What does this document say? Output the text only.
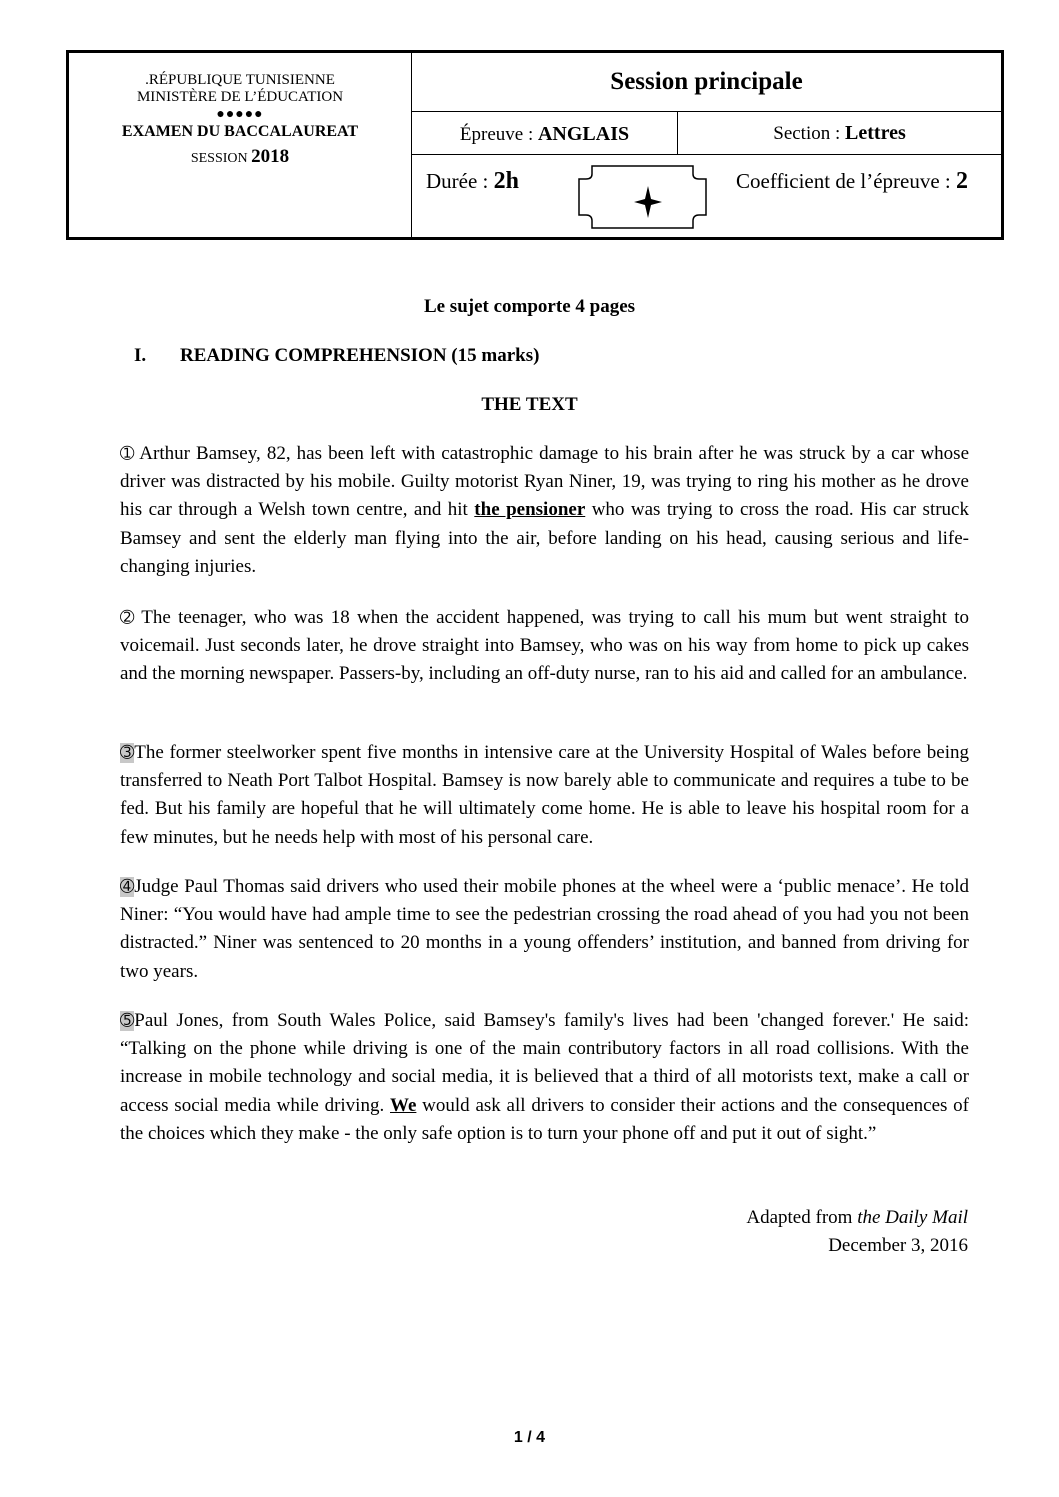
.RÉPUBLIQUE TUNISIENNE
MINISTÈRE DE L’ÉDUCATION
●●●●●
EXAMEN DU BACCALAUREAT
SESSION 2018
Session principale
Épreuve : ANGLAIS	Section : Lettres
Durée : 2h	Coefficient de l’épreuve : 2
Le sujet comporte 4 pages
I. READING COMPREHENSION (15 marks)
THE TEXT

➀ Arthur Bamsey, 82, has been left with catastrophic damage to his brain after he was struck by a car whose driver was distracted by his mobile. Guilty motorist Ryan Niner, 19, was trying to ring his mother as he drove his car through a Welsh town centre, and hit the pensioner who was trying to cross the road. His car struck Bamsey and sent the elderly man flying into the air, before landing on his head, causing serious and life-changing injuries.

➁ The teenager, who was 18 when the accident happened, was trying to call his mum but went straight to voicemail. Just seconds later, he drove straight into Bamsey, who was on his way from home to pick up cakes and the morning newspaper. Passers-by, including an off-duty nurse, ran to his aid and called for an ambulance.

➂The former steelworker spent five months in intensive care at the University Hospital of Wales before being transferred to Neath Port Talbot Hospital. Bamsey is now barely able to communicate and requires a tube to be fed. But his family are hopeful that he will ultimately come home. He is able to leave his hospital room for a few minutes, but he needs help with most of his personal care.

➃Judge Paul Thomas said drivers who used their mobile phones at the wheel were a ‘public menace’. He told Niner: “You would have had ample time to see the pedestrian crossing the road ahead of you had you not been distracted.” Niner was sentenced to 20 months in a young offenders’ institution, and banned from driving for two years.

➄Paul Jones, from South Wales Police, said Bamsey's family's lives had been 'changed forever.' He said: “Talking on the phone while driving is one of the main contributory factors in all road collisions. With the increase in mobile technology and social media, it is believed that a third of all motorists text, make a call or access social media while driving. We would ask all drivers to consider their actions and the consequences of the choices which they make - the only safe option is to turn your phone off and put it out of sight.”

Adapted from the Daily Mail
December 3, 2016
1 / 4
